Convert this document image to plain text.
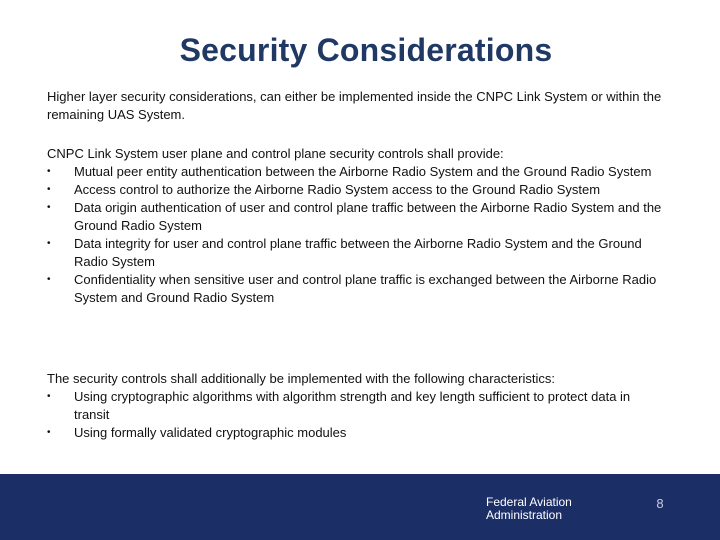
Security Considerations

Higher layer security considerations, can either be implemented inside the CNPC Link System or within the remaining UAS System.

CNPC Link System user plane and control plane security controls shall provide:

•	Mutual peer entity authentication between the Airborne Radio System and the Ground Radio System
•	Access control to authorize the Airborne Radio System access to the Ground Radio System
•	Data origin authentication of user and control plane traffic between the Airborne Radio System and the Ground Radio System
•	Data integrity for user and control plane traffic between the Airborne Radio System and the Ground Radio System
•	Confidentiality when sensitive user and control plane traffic is exchanged between the Airborne Radio System and Ground Radio System

The security controls shall additionally be implemented with the following characteristics:

•	Using cryptographic algorithms with algorithm strength and key length sufficient to protect data in transit
•	Using formally validated cryptographic modules
Federal Aviation
Administration
8
